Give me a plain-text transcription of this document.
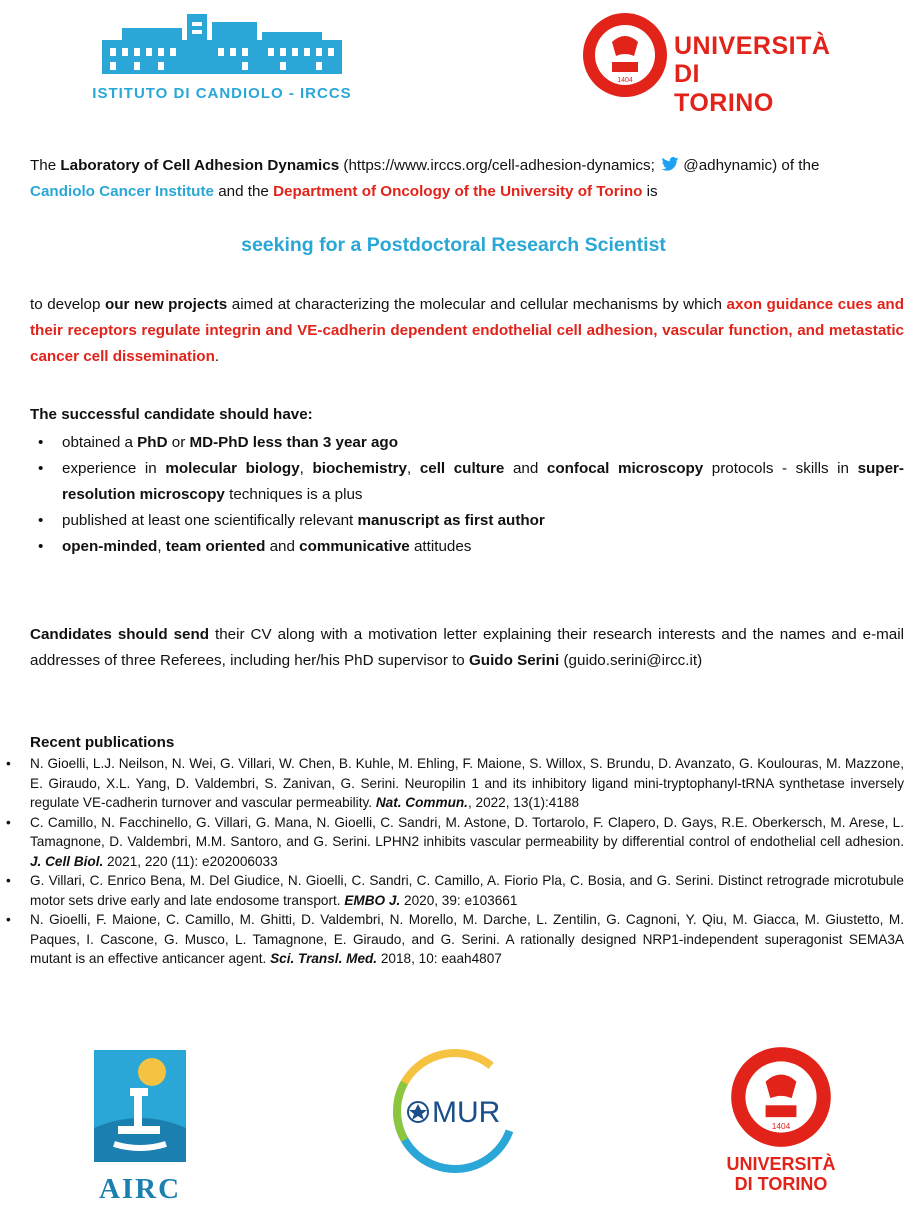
ISTITUTO DI CANDIOLO - IRCCS
1404
UNIVERSITÀ
DI TORINO
The Laboratory of Cell Adhesion Dynamics (https://www.irccs.org/cell-adhesion-dynamics;  @adhynamic) of the
Candiolo Cancer Institute and the Department of Oncology of the University of Torino is
seeking for a Postdoctoral Research Scientist
to develop our new projects aimed at characterizing the molecular and cellular mechanisms by which axon guidance cues and their receptors regulate integrin and VE-cadherin dependent endothelial cell adhesion, vascular function, and metastatic cancer cell dissemination.
The successful candidate should have:
• obtained a PhD or MD-PhD less than 3 year ago
• experience in molecular biology, biochemistry, cell culture and confocal microscopy protocols - skills in super-resolution microscopy techniques is a plus
• published at least one scientifically relevant manuscript as first author
• open-minded, team oriented and communicative attitudes
Candidates should send their CV along with a motivation letter explaining their research interests and the names and e-mail addresses of three Referees, including her/his PhD supervisor to Guido Serini (guido.serini@ircc.it)
Recent publications
• N. Gioelli, L.J. Neilson, N. Wei, G. Villari, W. Chen, B. Kuhle, M. Ehling, F. Maione, S. Willox, S. Brundu, D. Avanzato, G. Koulouras, M. Mazzone, E. Giraudo, X.L. Yang, D. Valdembri, S. Zanivan, G. Serini. Neuropilin 1 and its inhibitory ligand mini-tryptophanyl-tRNA synthetase inversely regulate VE-cadherin turnover and vascular permeability. Nat. Commun., 2022, 13(1):4188
• C. Camillo, N. Facchinello, G. Villari, G. Mana, N. Gioelli, C. Sandri, M. Astone, D. Tortarolo, F. Clapero, D. Gays, R.E. Oberkersch, M. Arese, L. Tamagnone, D. Valdembri, M.M. Santoro, and G. Serini. LPHN2 inhibits vascular permeability by differential control of endothelial cell adhesion. J. Cell Biol. 2021, 220 (11): e202006033
• G. Villari, C. Enrico Bena, M. Del Giudice, N. Gioelli, C. Sandri, C. Camillo, A. Fiorio Pla, C. Bosia, and G. Serini. Distinct retrograde microtubule motor sets drive early and late endosome transport. EMBO J. 2020, 39: e103661
• N. Gioelli, F. Maione, C. Camillo, M. Ghitti, D. Valdembri, N. Morello, M. Darche, L. Zentilin, G. Cagnoni, Y. Qiu, M. Giacca, M. Giustetto, M. Paques, I. Cascone, G. Musco, L. Tamagnone, E. Giraudo, and G. Serini. A rationally designed NRP1-independent superagonist SEMA3A mutant is an effective anticancer agent. Sci. Transl. Med. 2018, 10: eaah4807
AIRC
MUR	1404
UNIVERSITÀ
DI TORINO
